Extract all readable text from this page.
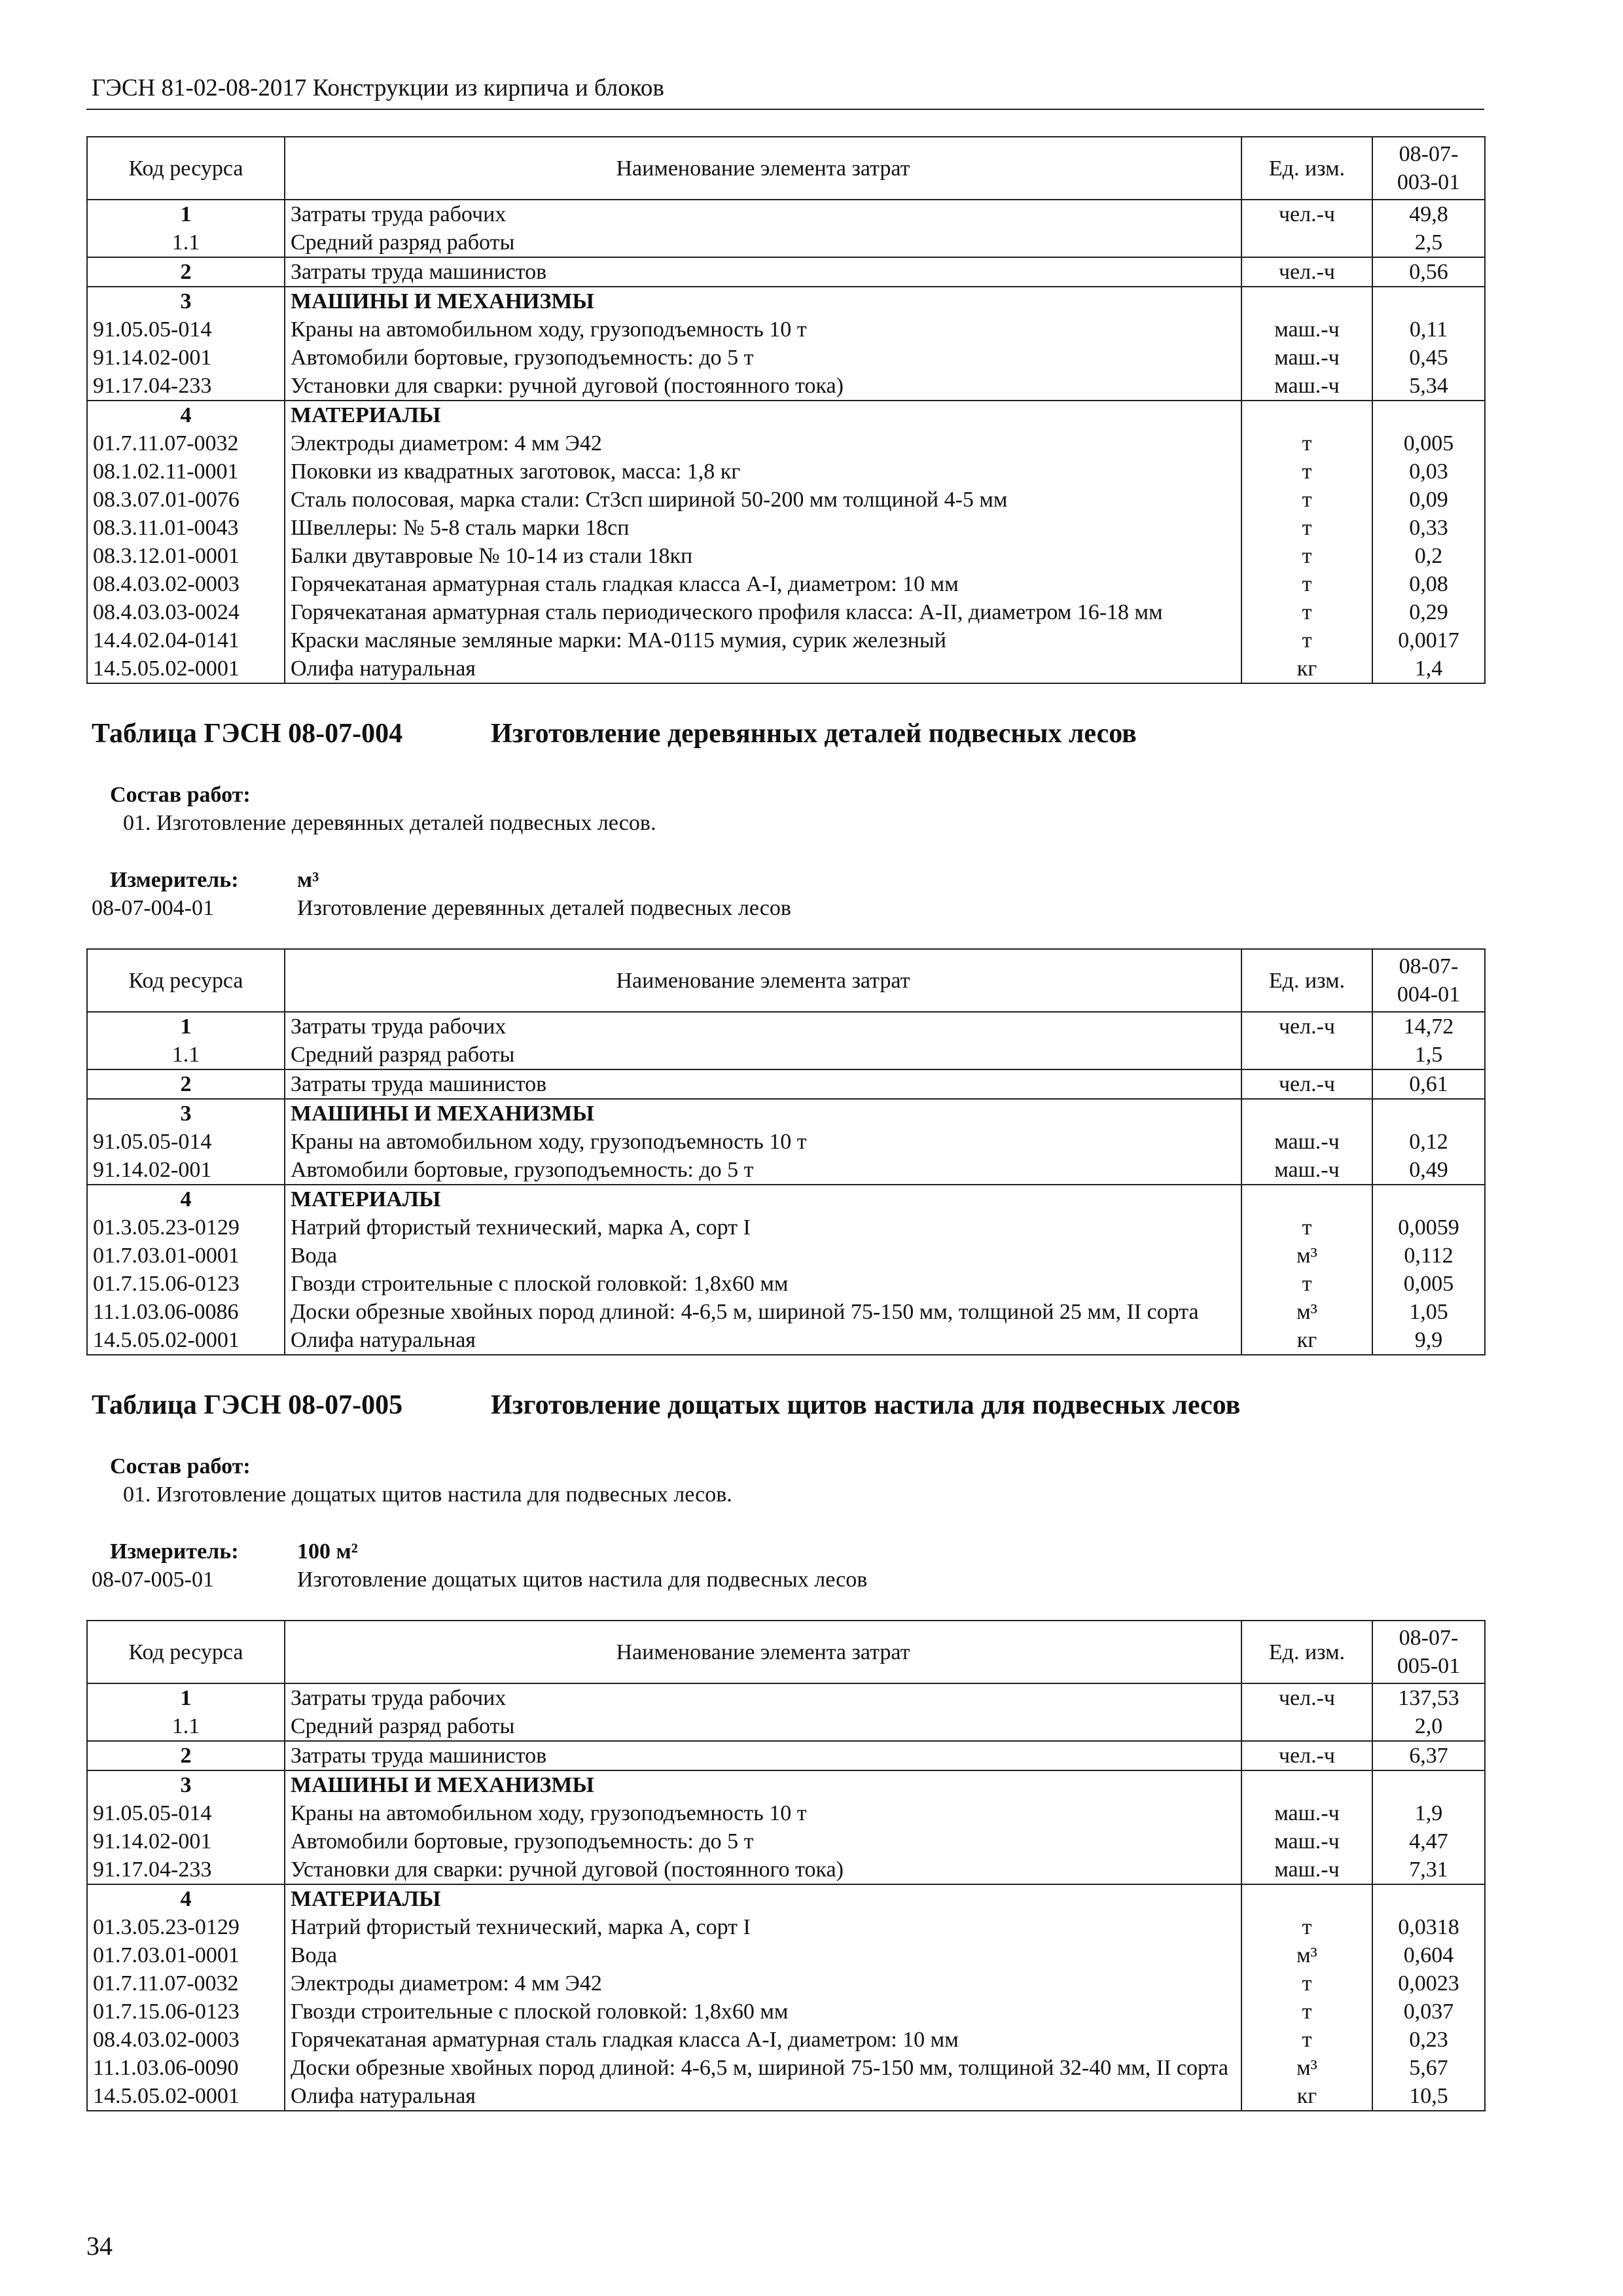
ГЭСН 81-02-08-2017 Конструкции из кирпича и блоков
Код ресурса	Наименование элемента затрат	Ед. изм.	08-07-
003-01

1	Затраты труда рабочих	чел.-ч	49,8
1.1	Средний разряд работы		2,5
2	Затраты труда машинистов	чел.-ч	0,56
3	МАШИНЫ И МЕХАНИЗМЫ		
91.05.05-014	Краны на автомобильном ходу, грузоподъемность 10 т	маш.-ч	0,11
91.14.02-001	Автомобили бортовые, грузоподъемность: до 5 т	маш.-ч	0,45
91.17.04-233	Установки для сварки: ручной дуговой (постоянного тока)	маш.-ч	5,34
4	МАТЕРИАЛЫ		
01.7.11.07-0032	Электроды диаметром: 4 мм Э42	т	0,005
08.1.02.11-0001	Поковки из квадратных заготовок, масса: 1,8 кг	т	0,03
08.3.07.01-0076	Сталь полосовая, марка стали: Ст3сп шириной 50-200 мм толщиной 4-5 мм	т	0,09
08.3.11.01-0043	Швеллеры: № 5-8 сталь марки 18сп	т	0,33
08.3.12.01-0001	Балки двутавровые № 10-14 из стали 18кп	т	0,2
08.4.03.02-0003	Горячекатаная арматурная сталь гладкая класса A-I, диаметром: 10 мм	т	0,08
08.4.03.03-0024	Горячекатаная арматурная сталь периодического профиля класса: A-II, диаметром 16-18 мм	т	0,29
14.4.02.04-0141	Краски масляные земляные марки: МА-0115 мумия, сурик железный	т	0,0017
14.5.05.02-0001	Олифа натуральная	кг	1,4
Таблица ГЭСН 08-07-004	Изготовление деревянных деталей подвесных лесов
Состав работ:
01. Изготовление деревянных деталей подвесных лесов.
Измеритель:	м³
08-07-004-01	Изготовление деревянных деталей подвесных лесов
Код ресурса	Наименование элемента затрат	Ед. изм.	08-07-
004-01

1	Затраты труда рабочих	чел.-ч	14,72
1.1	Средний разряд работы		1,5
2	Затраты труда машинистов	чел.-ч	0,61
3	МАШИНЫ И МЕХАНИЗМЫ		
91.05.05-014	Краны на автомобильном ходу, грузоподъемность 10 т	маш.-ч	0,12
91.14.02-001	Автомобили бортовые, грузоподъемность: до 5 т	маш.-ч	0,49
4	МАТЕРИАЛЫ		
01.3.05.23-0129	Натрий фтористый технический, марка А, сорт I	т	0,0059
01.7.03.01-0001	Вода	м³	0,112
01.7.15.06-0123	Гвозди строительные с плоской головкой: 1,8х60 мм	т	0,005
11.1.03.06-0086	Доски обрезные хвойных пород длиной: 4-6,5 м, шириной 75-150 мм, толщиной 25 мм, II сорта	м³	1,05
14.5.05.02-0001	Олифа натуральная	кг	9,9
Таблица ГЭСН 08-07-005	Изготовление дощатых щитов настила для подвесных лесов
Состав работ:
01. Изготовление дощатых щитов настила для подвесных лесов.
Измеритель:	100 м²
08-07-005-01	Изготовление дощатых щитов настила для подвесных лесов
Код ресурса	Наименование элемента затрат	Ед. изм.	08-07-
005-01

1	Затраты труда рабочих	чел.-ч	137,53
1.1	Средний разряд работы		2,0
2	Затраты труда машинистов	чел.-ч	6,37
3	МАШИНЫ И МЕХАНИЗМЫ		
91.05.05-014	Краны на автомобильном ходу, грузоподъемность 10 т	маш.-ч	1,9
91.14.02-001	Автомобили бортовые, грузоподъемность: до 5 т	маш.-ч	4,47
91.17.04-233	Установки для сварки: ручной дуговой (постоянного тока)	маш.-ч	7,31
4	МАТЕРИАЛЫ		
01.3.05.23-0129	Натрий фтористый технический, марка А, сорт I	т	0,0318
01.7.03.01-0001	Вода	м³	0,604
01.7.11.07-0032	Электроды диаметром: 4 мм Э42	т	0,0023
01.7.15.06-0123	Гвозди строительные с плоской головкой: 1,8х60 мм	т	0,037
08.4.03.02-0003	Горячекатаная арматурная сталь гладкая класса A-I, диаметром: 10 мм	т	0,23
11.1.03.06-0090	Доски обрезные хвойных пород длиной: 4-6,5 м, шириной 75-150 мм, толщиной 32-40 мм, II сорта	м³	5,67
14.5.05.02-0001	Олифа натуральная	кг	10,5
34
